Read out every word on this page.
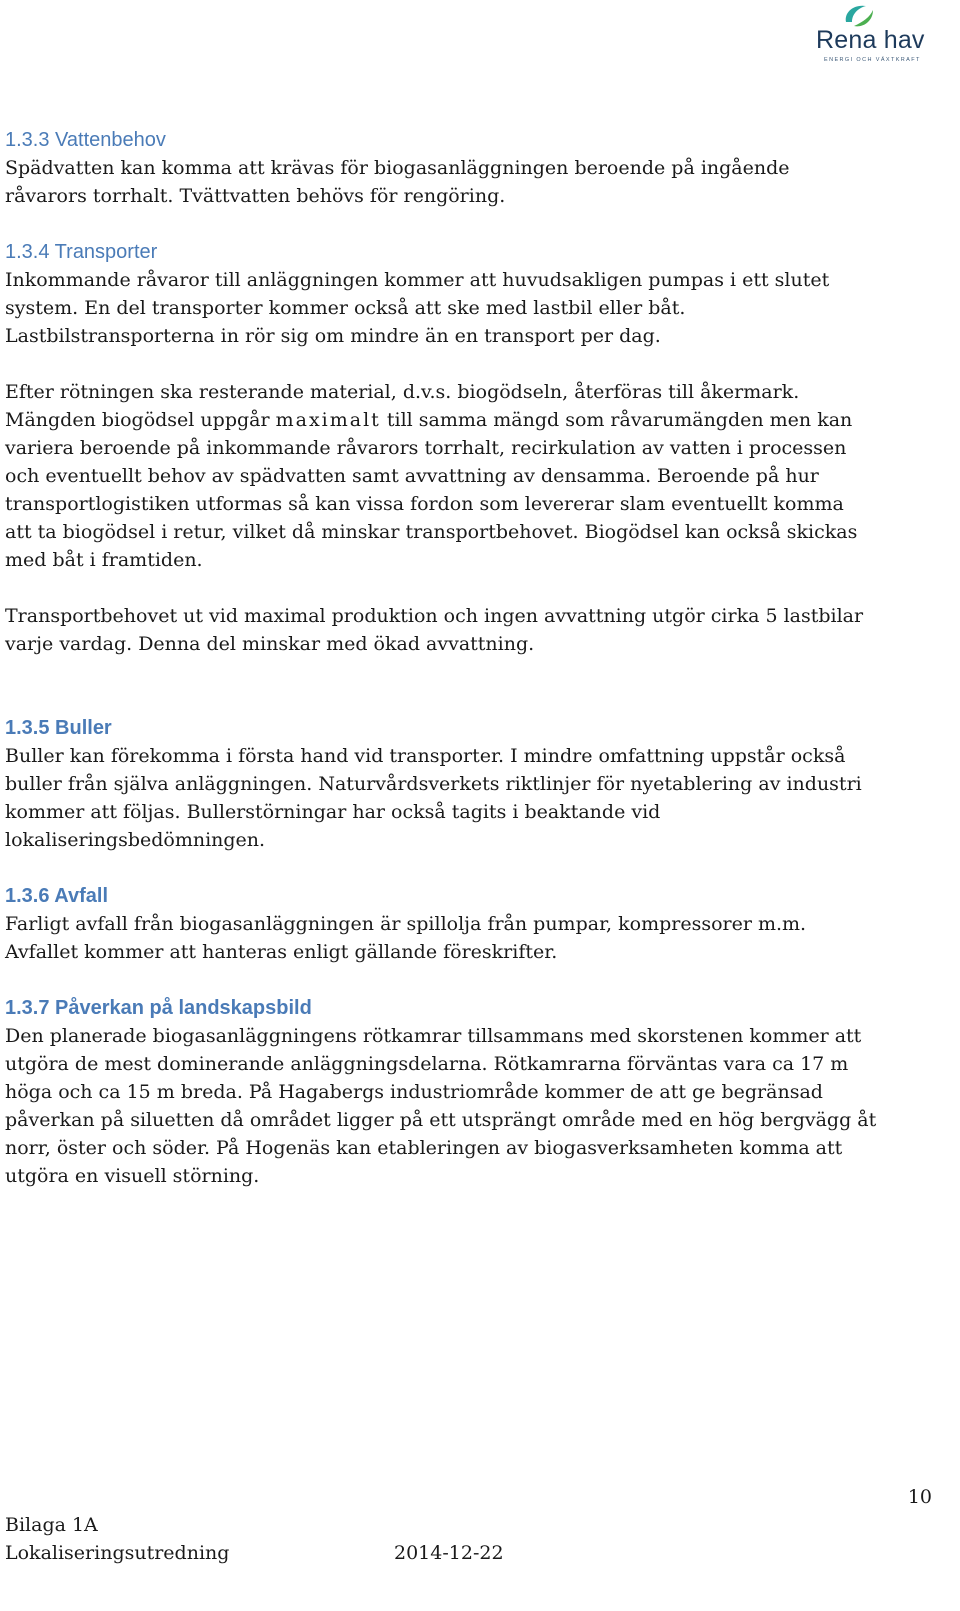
Rena hav
ENERGI OCH VÄXTKRAFT
1.3.3 Vattenbehov

Spädvatten kan komma att krävas för biogasanläggningen beroende på ingående

råvarors torrhalt. Tvättvatten behövs för rengöring.

1.3.4 Transporter

Inkommande råvaror till anläggningen kommer att huvudsakligen pumpas i ett slutet

system. En del transporter kommer också att ske med lastbil eller båt.

Lastbilstransporterna in rör sig om mindre än en transport per dag.

Efter rötningen ska resterande material, d.v.s. biogödseln, återföras till åkermark.

Mängden biogödsel uppgår maximalt till samma mängd som råvarumängden men kan

variera beroende på inkommande råvarors torrhalt, recirkulation av vatten i processen

och eventuellt behov av spädvatten samt avvattning av densamma. Beroende på hur

transportlogistiken utformas så kan vissa fordon som levererar slam eventuellt komma

att ta biogödsel i retur, vilket då minskar transportbehovet. Biogödsel kan också skickas

med båt i framtiden.

Transportbehovet ut vid maximal produktion och ingen avvattning utgör cirka 5 lastbilar

varje vardag. Denna del minskar med ökad avvattning.

1.3.5 Buller

Buller kan förekomma i första hand vid transporter. I mindre omfattning uppstår också

buller från själva anläggningen. Naturvårdsverkets riktlinjer för nyetablering av industri

kommer att följas. Bullerstörningar har också tagits i beaktande vid

lokaliseringsbedömningen.

1.3.6 Avfall

Farligt avfall från biogasanläggningen är spillolja från pumpar, kompressorer m.m.

Avfallet kommer att hanteras enligt gällande föreskrifter.

1.3.7 Påverkan på landskapsbild

Den planerade biogasanläggningens rötkamrar tillsammans med skorstenen kommer att

utgöra de mest dominerande anläggningsdelarna. Rötkamrarna förväntas vara ca 17 m

höga och ca 15 m breda. På Hagabergs industriområde kommer de att ge begränsad

påverkan på siluetten då området ligger på ett utsprängt område med en hög bergvägg åt

norr, öster och söder. På Hogenäs kan etableringen av biogasverksamheten komma att

utgöra en visuell störning.

10
Bilaga 1A
Lokaliseringsutredning	2014-12-22
